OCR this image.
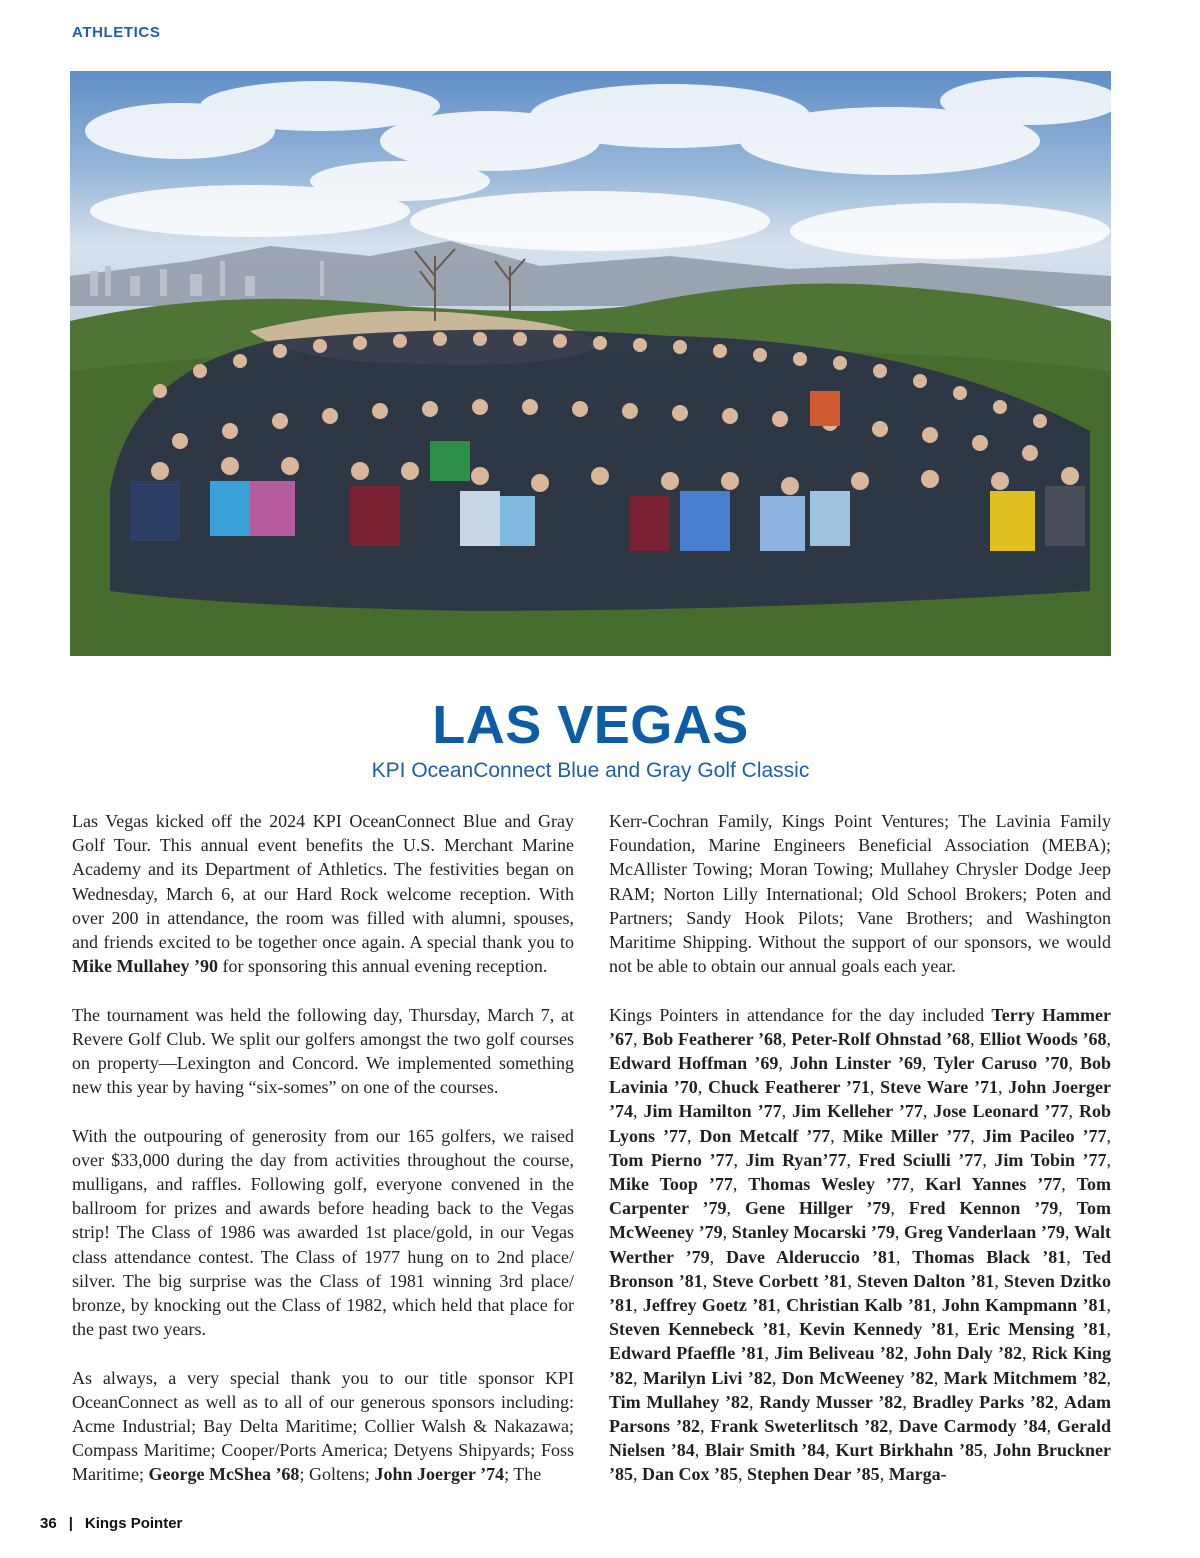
ATHLETICS
LAS VEGAS
KPI OceanConnect Blue and Gray Golf Classic

Las Vegas kicked off the 2024 KPI OceanConnect Blue and Gray Golf Tour. This annual event benefits the U.S. Merchant Marine Academy and its Department of Athletics. The festivities began on Wednesday, March 6, at our Hard Rock welcome reception. With over 200 in attendance, the room was filled with alumni, spouses, and friends excited to be together once again. A special thank you to Mike Mullahey ’90 for sponsoring this annual evening reception.

The tournament was held the following day, Thursday, March 7, at Revere Golf Club. We split our golfers amongst the two golf courses on property—Lexington and Concord. We implemented something new this year by having “six-somes” on one of the courses.

With the outpouring of generosity from our 165 golfers, we raised over $33,000 during the day from activities throughout the course, mulligans, and raffles. Following golf, everyone convened in the ballroom for prizes and awards before heading back to the Vegas strip! The Class of 1986 was awarded 1st place/gold, in our Vegas class attendance contest. The Class of 1977 hung on to 2nd place/ silver. The big surprise was the Class of 1981 winning 3rd place/ bronze, by knocking out the Class of 1982, which held that place for the past two years.

As always, a very special thank you to our title sponsor KPI OceanConnect as well as to all of our generous sponsors including: Acme Industrial; Bay Delta Maritime; Collier Walsh & Nakazawa; Compass Maritime; Cooper/Ports America; Detyens Shipyards; Foss Maritime; George McShea ’68; Goltens; John Joerger ’74; The

Kerr-Cochran Family, Kings Point Ventures; The Lavinia Family Foundation, Marine Engineers Beneficial Association (MEBA); McAllister Towing; Moran Towing; Mullahey Chrysler Dodge Jeep RAM; Norton Lilly International; Old School Brokers; Poten and Partners; Sandy Hook Pilots; Vane Brothers; and Washington Maritime Shipping. Without the support of our sponsors, we would not be able to obtain our annual goals each year.

Kings Pointers in attendance for the day included Terry Hammer ’67, Bob Featherer ’68, Peter-Rolf Ohnstad ’68, Elliot Woods ’68, Edward Hoffman ’69, John Linster ’69, Tyler Caruso ’70, Bob Lavinia ’70, Chuck Featherer ’71, Steve Ware ’71, John Joerger ’74, Jim Hamilton ’77, Jim Kelleher ’77, Jose Leonard ’77, Rob Lyons ’77, Don Metcalf ’77, Mike Miller ’77, Jim Pacileo ’77, Tom Pierno ’77, Jim Ryan’77, Fred Sciulli ’77, Jim Tobin ’77, Mike Toop ’77, Thomas Wesley ’77, Karl Yannes ’77, Tom Carpenter ’79, Gene Hillger ’79, Fred Kennon ’79, Tom McWeeney ’79, Stanley Mocarski ’79, Greg Vanderlaan ’79, Walt Werther ’79, Dave Alderuccio ’81, Thomas Black ’81, Ted Bronson ’81, Steve Corbett ’81, Steven Dalton ’81, Steven Dzitko ’81, Jeffrey Goetz ’81, Christian Kalb ’81, John Kampmann ’81, Steven Kennebeck ’81, Kevin Kennedy ’81, Eric Mensing ’81, Edward Pfaeffle ’81, Jim Beliveau ’82, John Daly ’82, Rick King ’82, Marilyn Livi ’82, Don McWeeney ’82, Mark Mitchmem ’82, Tim Mullahey ’82, Randy Musser ’82, Bradley Parks ’82, Adam Parsons ’82, Frank Sweterlitsch ’82, Dave Carmody ’84, Gerald Nielsen ’84, Blair Smith ’84, Kurt Birkhahn ’85, John Bruckner ’85, Dan Cox ’85, Stephen Dear ’85, Marga-

36 | Kings Pointer
